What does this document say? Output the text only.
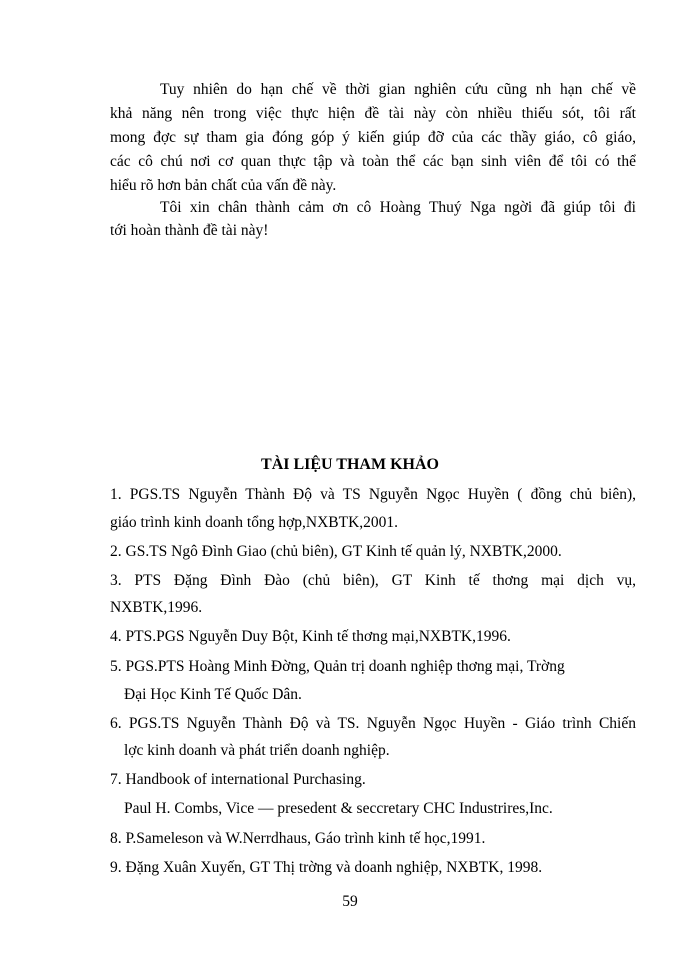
Tuy nhiên do hạn chế về thời gian nghiên cứu cũng nh hạn chế về
khả năng nên trong việc thực hiện đề tài này còn nhiều thiếu sót, tôi rất
mong đợc sự tham gia đóng góp ý kiến giúp đỡ của các thầy giáo, cô giáo,
các cô chú nơi cơ quan thực tập và toàn thể các bạn sinh viên để tôi có thể
hiểu rõ hơn bản chất của vấn đề này.
Tôi xin chân thành cảm ơn cô Hoàng Thuý Nga ngời đã giúp tôi đi
tới hoàn thành đề tài này!
TÀI LIỆU THAM KHẢO
1. PGS.TS Nguyễn Thành Độ và TS Nguyễn Ngọc Huyền ( đồng chủ biên),
giáo trình kinh doanh tổng hợp,NXBTK,2001.
2. GS.TS Ngô Đình Giao (chủ biên), GT Kinh tế quản lý, NXBTK,2000.
3. PTS Đặng Đình Đào (chủ biên), GT Kinh tế thơng mại dịch vụ,
NXBTK,1996.
4. PTS.PGS Nguyễn Duy Bột, Kinh tế thơng mại,NXBTK,1996.
5. PGS.PTS Hoàng Minh Đờng, Quản trị doanh nghiệp thơng mại, Trờng
Đại Học Kinh Tế Quốc Dân.
6. PGS.TS Nguyễn Thành Độ và TS. Nguyễn Ngọc Huyền - Giáo trình Chiến
lợc kinh doanh và phát triển doanh nghiệp.
7. Handbook of international Purchasing.
Paul H. Combs, Vice — presedent & seccretary CHC Industrires,Inc.
8. P.Sameleson và W.Nerrdhaus, Gáo trình kinh tế học,1991.
9. Đặng Xuân Xuyến, GT Thị trờng và doanh nghiệp, NXBTK, 1998.
59
